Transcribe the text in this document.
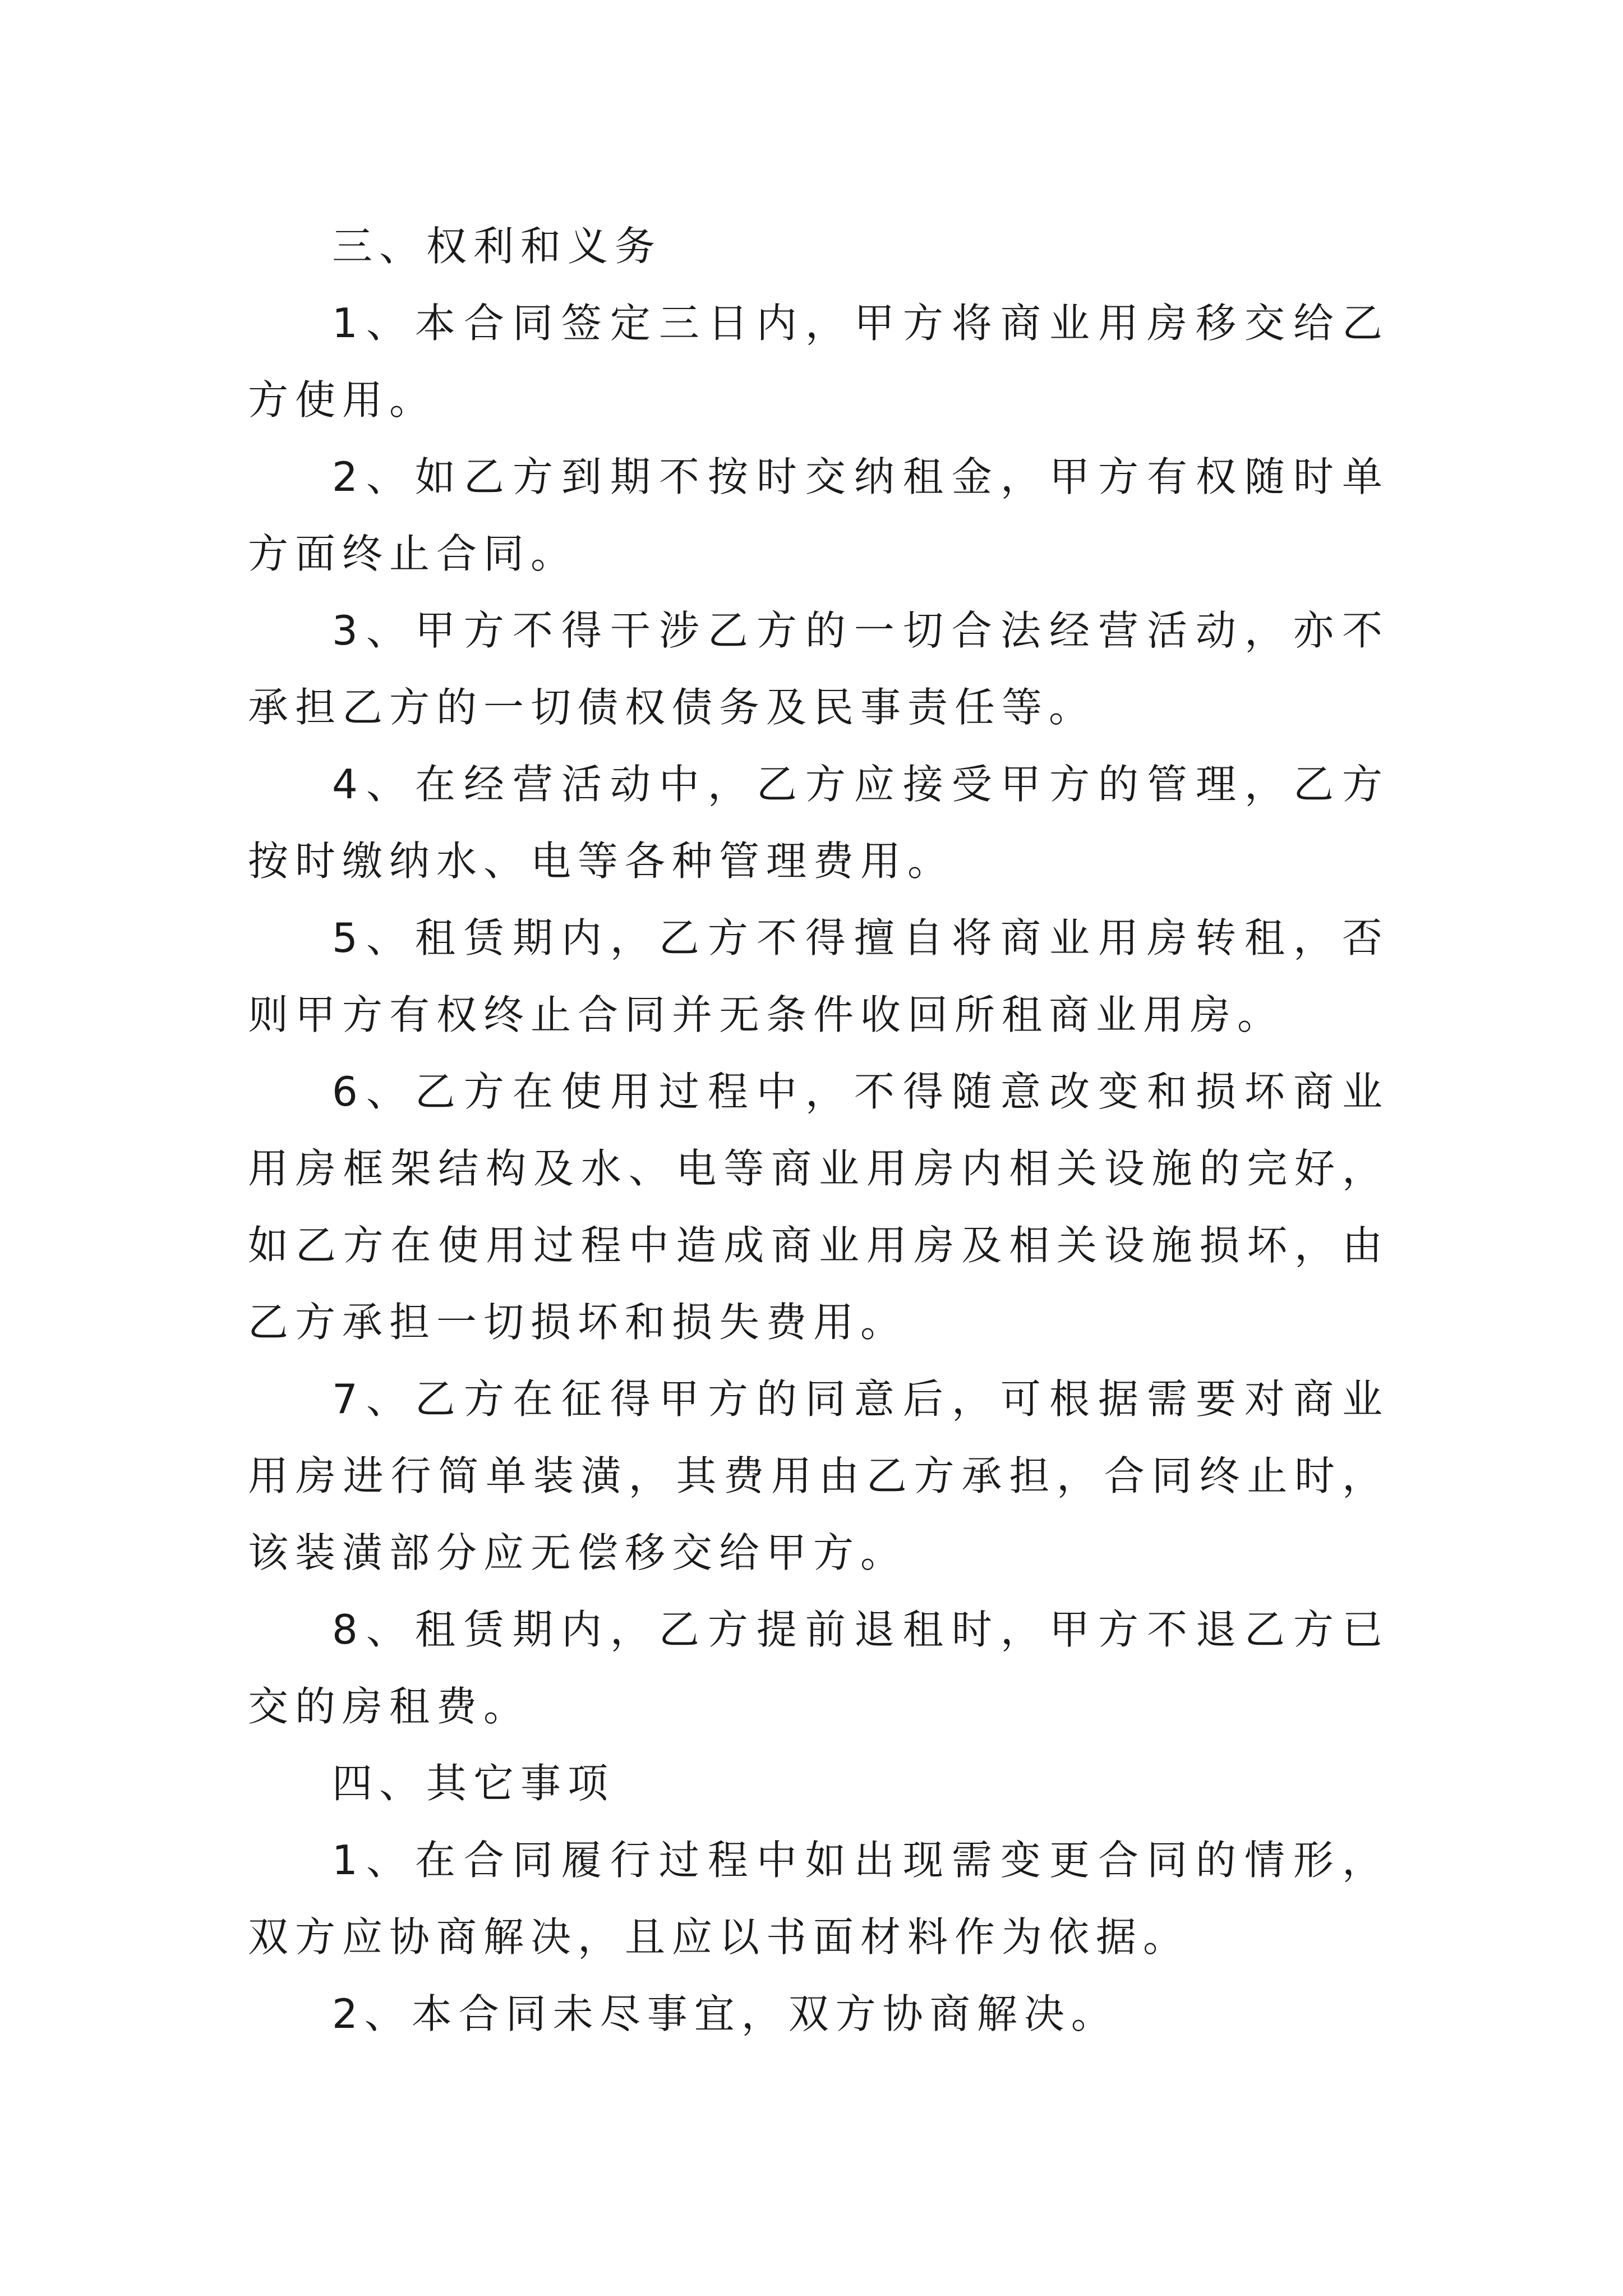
三、权利和义务

1、本合同签定三日内，甲方将商业用房移交给乙方使用。

2、如乙方到期不按时交纳租金，甲方有权随时单方面终止合同。

3、甲方不得干涉乙方的一切合法经营活动，亦不承担乙方的一切债权债务及民事责任等。

4、在经营活动中，乙方应接受甲方的管理，乙方按时缴纳水、电等各种管理费用。

5、租赁期内，乙方不得擅自将商业用房转租，否则甲方有权终止合同并无条件收回所租商业用房。

6、乙方在使用过程中，不得随意改变和损坏商业用房框架结构及水、电等商业用房内相关设施的完好，如乙方在使用过程中造成商业用房及相关设施损坏，由乙方承担一切损坏和损失费用。

7、乙方在征得甲方的同意后，可根据需要对商业用房进行简单装潢，其费用由乙方承担，合同终止时，该装潢部分应无偿移交给甲方。

8、租赁期内，乙方提前退租时，甲方不退乙方已交的房租费。

四、其它事项

1、在合同履行过程中如出现需变更合同的情形，双方应协商解决，且应以书面材料作为依据。

2、本合同未尽事宜，双方协商解决。
